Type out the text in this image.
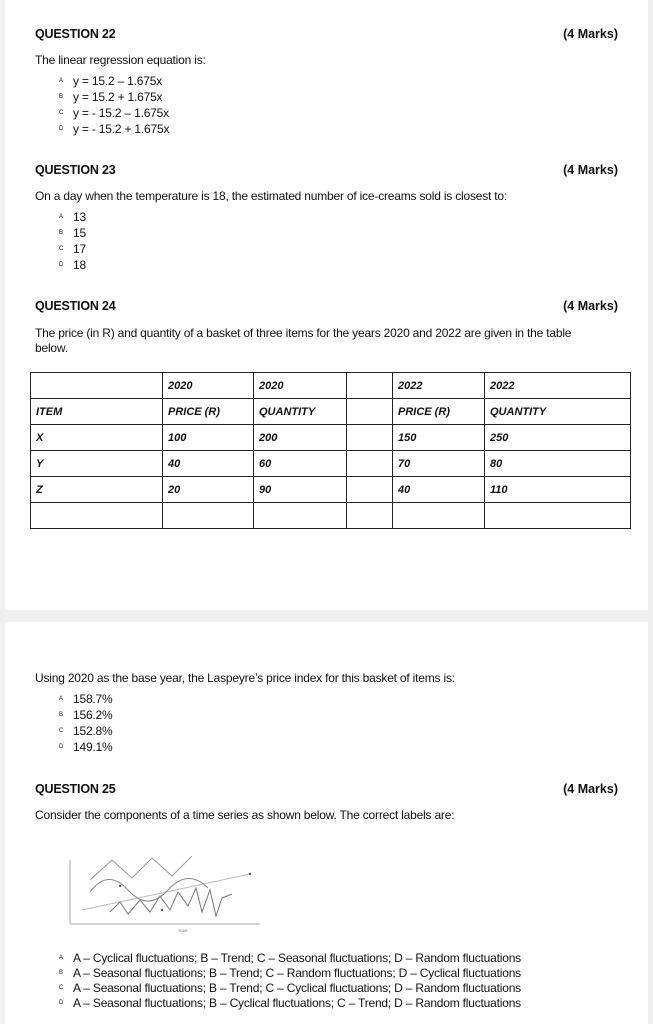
QUESTION 22	(4 Marks)
The linear regression equation is:
A y = 15.2 – 1.675x
B y = 15.2 + 1.675x
C y = - 15.2 – 1.675x
D y = - 15.2 + 1.675x
QUESTION 23	(4 Marks)
On a day when the temperature is 18, the estimated number of ice-creams sold is closest to:
A 13
B 15
C 17
D 18
QUESTION 24	(4 Marks)
The price (in R) and quantity of a basket of three items for the years 2020 and 2022 are given in the table
below.
	2020	2020		2022	2022
ITEM	PRICE (R)	QUANTITY		PRICE (R)	QUANTITY
X	100	200		150	250
Y	40	60		70	80
Z	20	90		40	110

Using 2020 as the base year, the Laspeyre’s price index for this basket of items is:
A 158.7%
B 156.2%
C 152.8%
D 149.1%
QUESTION 25	(4 Marks)
Consider the components of a time series as shown below. The correct labels are:
YEAR
A A – Cyclical fluctuations; B – Trend; C – Seasonal fluctuations; D – Random fluctuations
B A – Seasonal fluctuations; B – Trend; C – Random fluctuations; D – Cyclical fluctuations
C A – Seasonal fluctuations; B – Trend; C – Cyclical fluctuations; D – Random fluctuations
D A – Seasonal fluctuations; B – Cyclical fluctuations; C – Trend; D – Random fluctuations
